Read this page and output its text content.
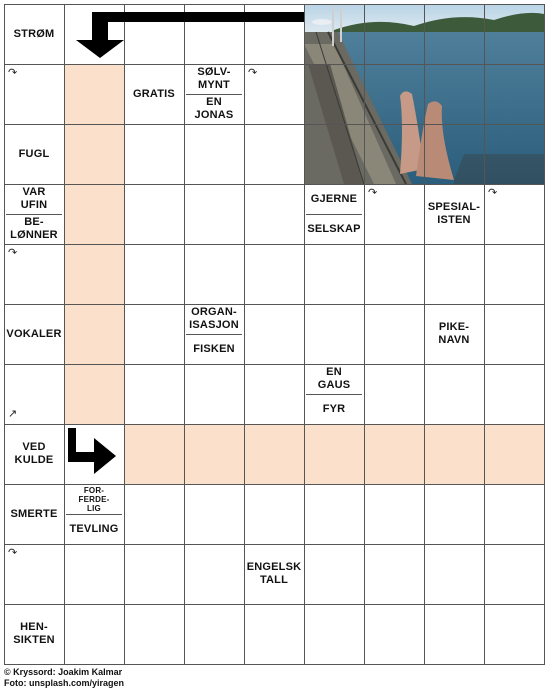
STRØM
GRATIS
SØLV-
MYNT
EN
JONAS
FUGL
VAR
UFIN
BE-
LØNNER
GJERNE
SELSKAP
SPESIAL-
ISTEN
VOKALER
ORGAN-
ISASJON
FISKEN
PIKE-
NAVN
EN
GAUS
FYR
VED
KULDE
SMERTE
FOR-
FERDE-
LIG
TEVLING
ENGELSK
TALL
HEN-
SIKTEN
↷	↷
↷
↷	↷
↗
↷
© Kryssord: Joakim Kalmar
Foto: unsplash.com/yiragen
